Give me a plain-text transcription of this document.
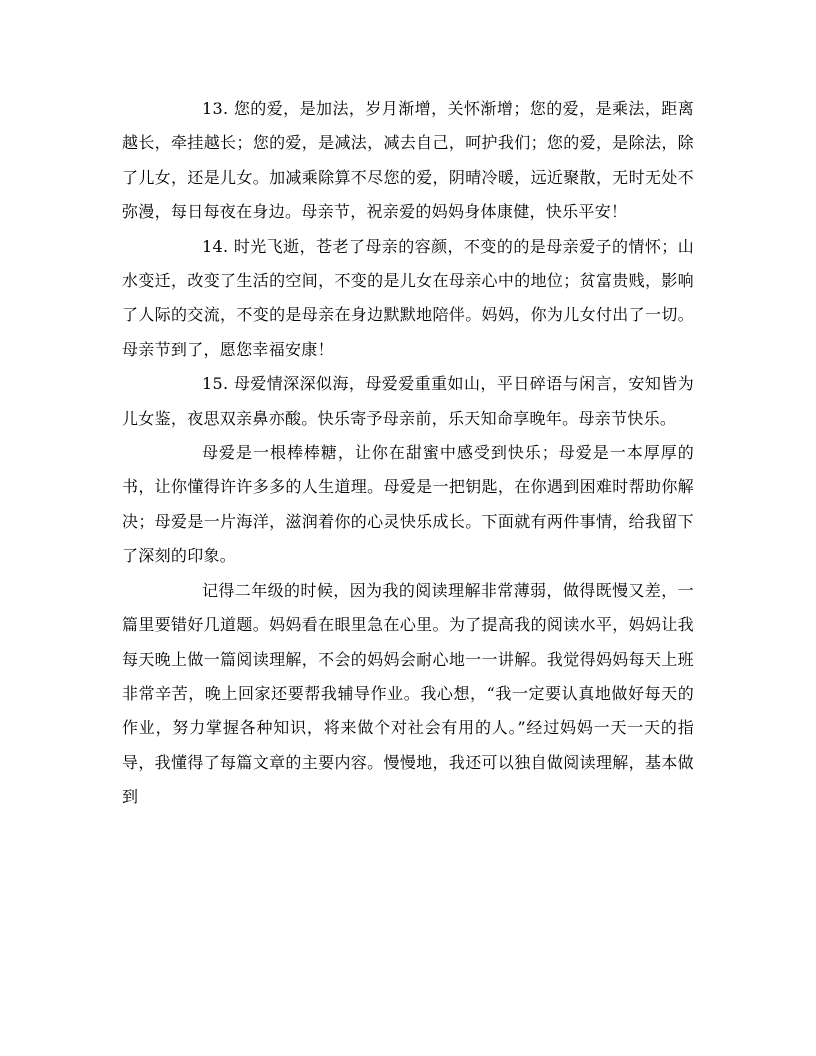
13. 您的爱，是加法，岁月渐增，关怀渐增；您的爱，是乘法，距离越长，牵挂越长；您的爱，是减法，减去自己，呵护我们；您的爱，是除法，除了儿女，还是儿女。加减乘除算不尽您的爱，阴晴冷暖，远近聚散，无时无处不弥漫，每日每夜在身边。母亲节，祝亲爱的妈妈身体康健，快乐平安！

14. 时光飞逝，苍老了母亲的容颜，不变的的是母亲爱子的情怀；山水变迁，改变了生活的空间，不变的是儿女在母亲心中的地位；贫富贵贱，影响了人际的交流，不变的是母亲在身边默默地陪伴。妈妈，你为儿女付出了一切。母亲节到了，愿您幸福安康！

15. 母爱情深深似海，母爱爱重重如山，平日碎语与闲言，安知皆为儿女鉴，夜思双亲鼻亦酸。快乐寄予母亲前，乐天知命享晚年。母亲节快乐。

母爱是一根棒棒糖，让你在甜蜜中感受到快乐；母爱是一本厚厚的书，让你懂得许许多多的人生道理。母爱是一把钥匙，在你遇到困难时帮助你解决；母爱是一片海洋，滋润着你的心灵快乐成长。下面就有两件事情，给我留下了深刻的印象。

记得二年级的时候，因为我的阅读理解非常薄弱，做得既慢又差，一篇里要错好几道题。妈妈看在眼里急在心里。为了提高我的阅读水平，妈妈让我每天晚上做一篇阅读理解，不会的妈妈会耐心地一一讲解。我觉得妈妈每天上班非常辛苦，晚上回家还要帮我辅导作业。我心想，“我一定要认真地做好每天的作业，努力掌握各种知识，将来做个对社会有用的人。”经过妈妈一天一天的指导，我懂得了每篇文章的主要内容。慢慢地，我还可以独自做阅读理解，基本做到
